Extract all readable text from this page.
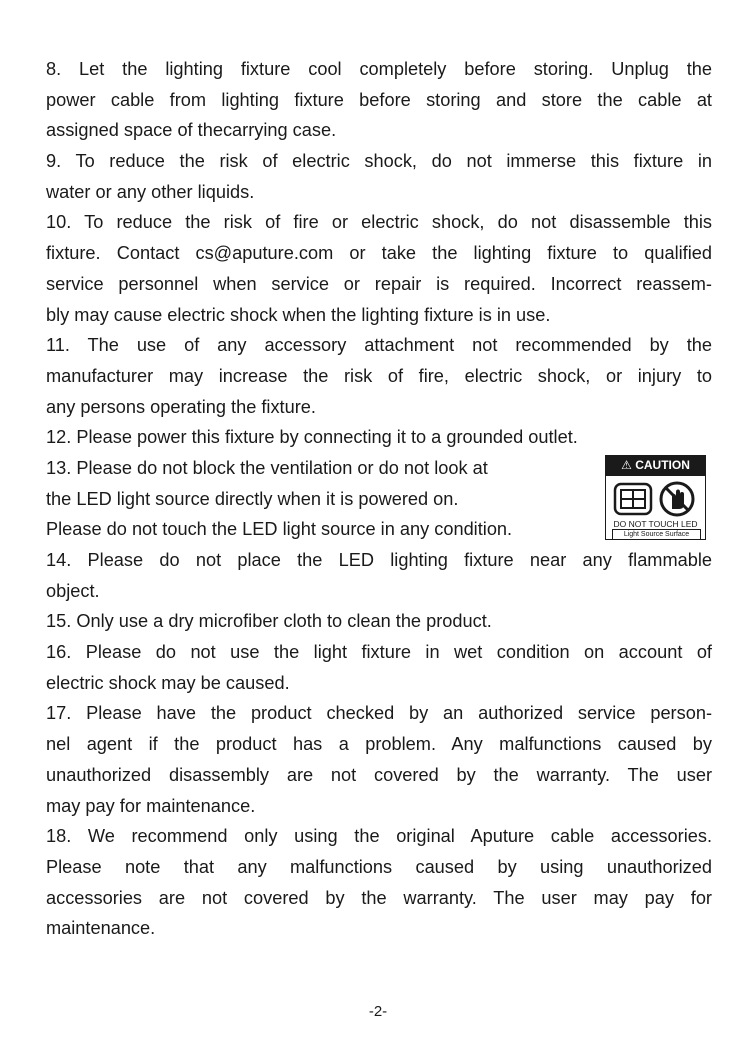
8. Let the lighting fixture cool completely before storing. Unplug the
power cable from lighting fixture before storing and store the cable at
assigned space of thecarrying case.
9. To reduce the risk of electric shock, do not immerse this fixture in
water or any other liquids.
10. To reduce the risk of fire or electric shock, do not disassemble this
fixture. Contact cs@aputure.com or take the lighting fixture to qualified
service personnel when service or repair is required. Incorrect reassem-
bly may cause electric shock when the lighting fixture is in use.
11. The use of any accessory attachment not recommended by the
manufacturer may increase the risk of fire, electric shock, or injury to
any persons operating the fixture.
12. Please power this fixture by connecting it to a grounded outlet.
13. Please do not block the ventilation or do not look at
the LED light source directly when it is powered on.
Please do not touch the LED light source in any condition.
14. Please do not place the LED lighting fixture near any flammable
object.
15. Only use a dry microfiber cloth to clean the product.
16. Please do not use the light fixture in wet condition on account of
electric shock may be caused.
17. Please have the product checked by an authorized service person-
nel agent if the product has a problem. Any malfunctions caused by
unauthorized disassembly are not covered by the warranty. The user
may pay for maintenance.
18. We recommend only using the original Aputure cable accessories.
Please note that any malfunctions caused by using unauthorized
accessories are not covered by the warranty. The user may pay for
maintenance.
⚠ CAUTION
DO NOT TOUCH LED
Light Source Surface
-2-
